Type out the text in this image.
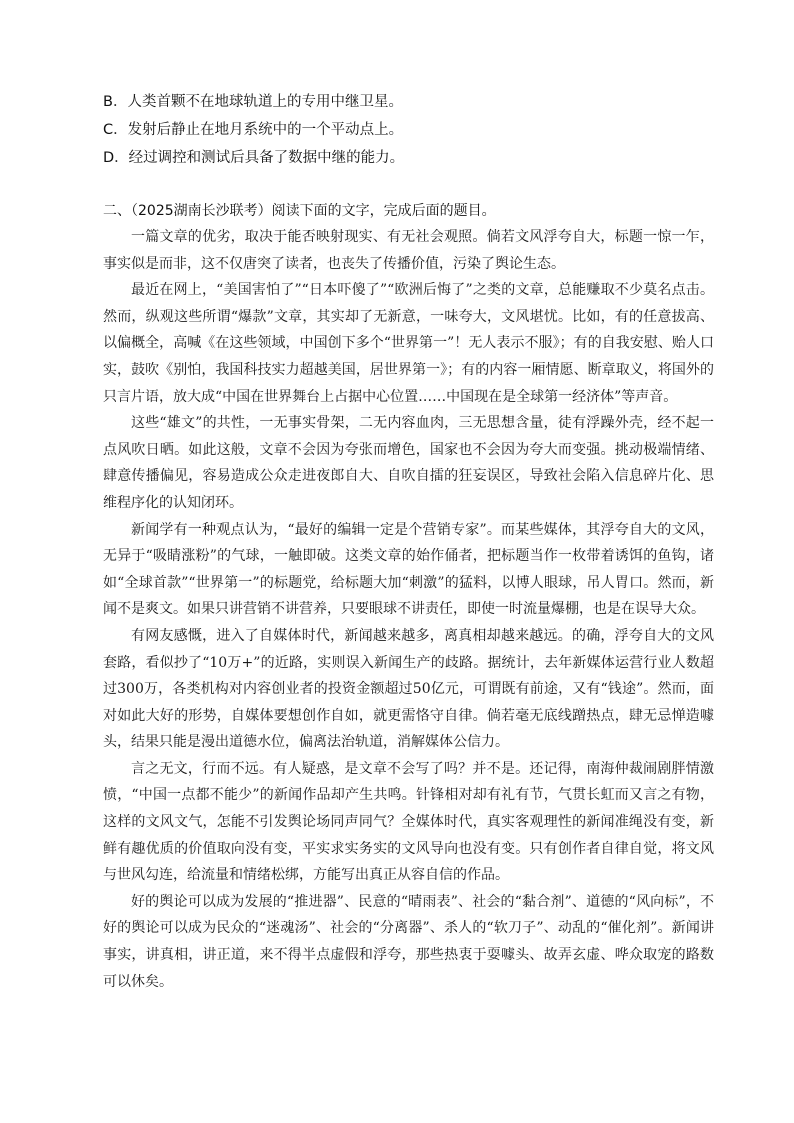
B．人类首颗不在地球轨道上的专用中继卫星。
C．发射后静止在地月系统中的一个平动点上。
D．经过调控和测试后具备了数据中继的能力。
二、（2025湖南长沙联考）阅读下面的文字，完成后面的题目。

一篇文章的优劣，取决于能否映射现实、有无社会观照。倘若文风浮夸自大，标题一惊一乍，事实似是而非，这不仅唐突了读者，也丧失了传播价值，污染了舆论生态。

最近在网上，“美国害怕了”“日本吓傻了”“欧洲后悔了”之类的文章，总能赚取不少莫名点击。然而，纵观这些所谓“爆款”文章，其实却了无新意，一味夸大，文风堪忧。比如，有的任意拔高、以偏概全，高喊《在这些领域，中国创下多个“世界第一”！无人表示不服》；有的自我安慰、贻人口实，鼓吹《别怕，我国科技实力超越美国，居世界第一》；有的内容一厢情愿、断章取义，将国外的只言片语，放大成“中国在世界舞台上占据中心位置……中国现在是全球第一经济体”等声音。

这些“雄文”的共性，一无事实骨架，二无内容血肉，三无思想含量，徒有浮躁外壳，经不起一点风吹日晒。如此这般，文章不会因为夸张而增色，国家也不会因为夸大而变强。挑动极端情绪、肆意传播偏见，容易造成公众走进夜郎自大、自吹自擂的狂妄误区，导致社会陷入信息碎片化、思维程序化的认知闭环。

新闻学有一种观点认为，“最好的编辑一定是个营销专家”。而某些媒体，其浮夸自大的文风，无异于“吸睛涨粉”的气球，一触即破。这类文章的始作俑者，把标题当作一枚带着诱饵的鱼钩，诸如“全球首款”“世界第一”的标题党，给标题大加“刺激”的猛料，以博人眼球，吊人胃口。然而，新闻不是爽文。如果只讲营销不讲营养，只要眼球不讲责任，即使一时流量爆棚，也是在误导大众。

有网友感慨，进入了自媒体时代，新闻越来越多，离真相却越来越远。的确，浮夸自大的文风套路，看似抄了“10万+”的近路，实则误入新闻生产的歧路。据统计，去年新媒体运营行业人数超过300万，各类机构对内容创业者的投资金额超过50亿元，可谓既有前途，又有“钱途”。然而，面对如此大好的形势，自媒体要想创作自如，就更需恪守自律。倘若毫无底线蹭热点，肆无忌惮造噱头，结果只能是漫出道德水位，偏离法治轨道，消解媒体公信力。

言之无文，行而不远。有人疑惑，是文章不会写了吗？并不是。还记得，南海仲裁闹剧胖情激愤，“中国一点都不能少”的新闻作品却产生共鸣。针锋相对却有礼有节，气贯长虹而又言之有物，这样的文风文气，怎能不引发舆论场同声同气？全媒体时代，真实客观理性的新闻准绳没有变，新鲜有趣优质的价值取向没有变，平实求实务实的文风导向也没有变。只有创作者自律自觉，将文风与世风勾连，给流量和情绪松绑，方能写出真正从容自信的作品。

好的舆论可以成为发展的“推进器”、民意的“晴雨表”、社会的“黏合剂”、道德的“风向标”，不好的舆论可以成为民众的“迷魂汤”、社会的“分离器”、杀人的“软刀子”、动乱的“催化剂”。新闻讲事实，讲真相，讲正道，来不得半点虚假和浮夸，那些热衷于耍噱头、故弄玄虚、哗众取宠的路数可以休矣。
